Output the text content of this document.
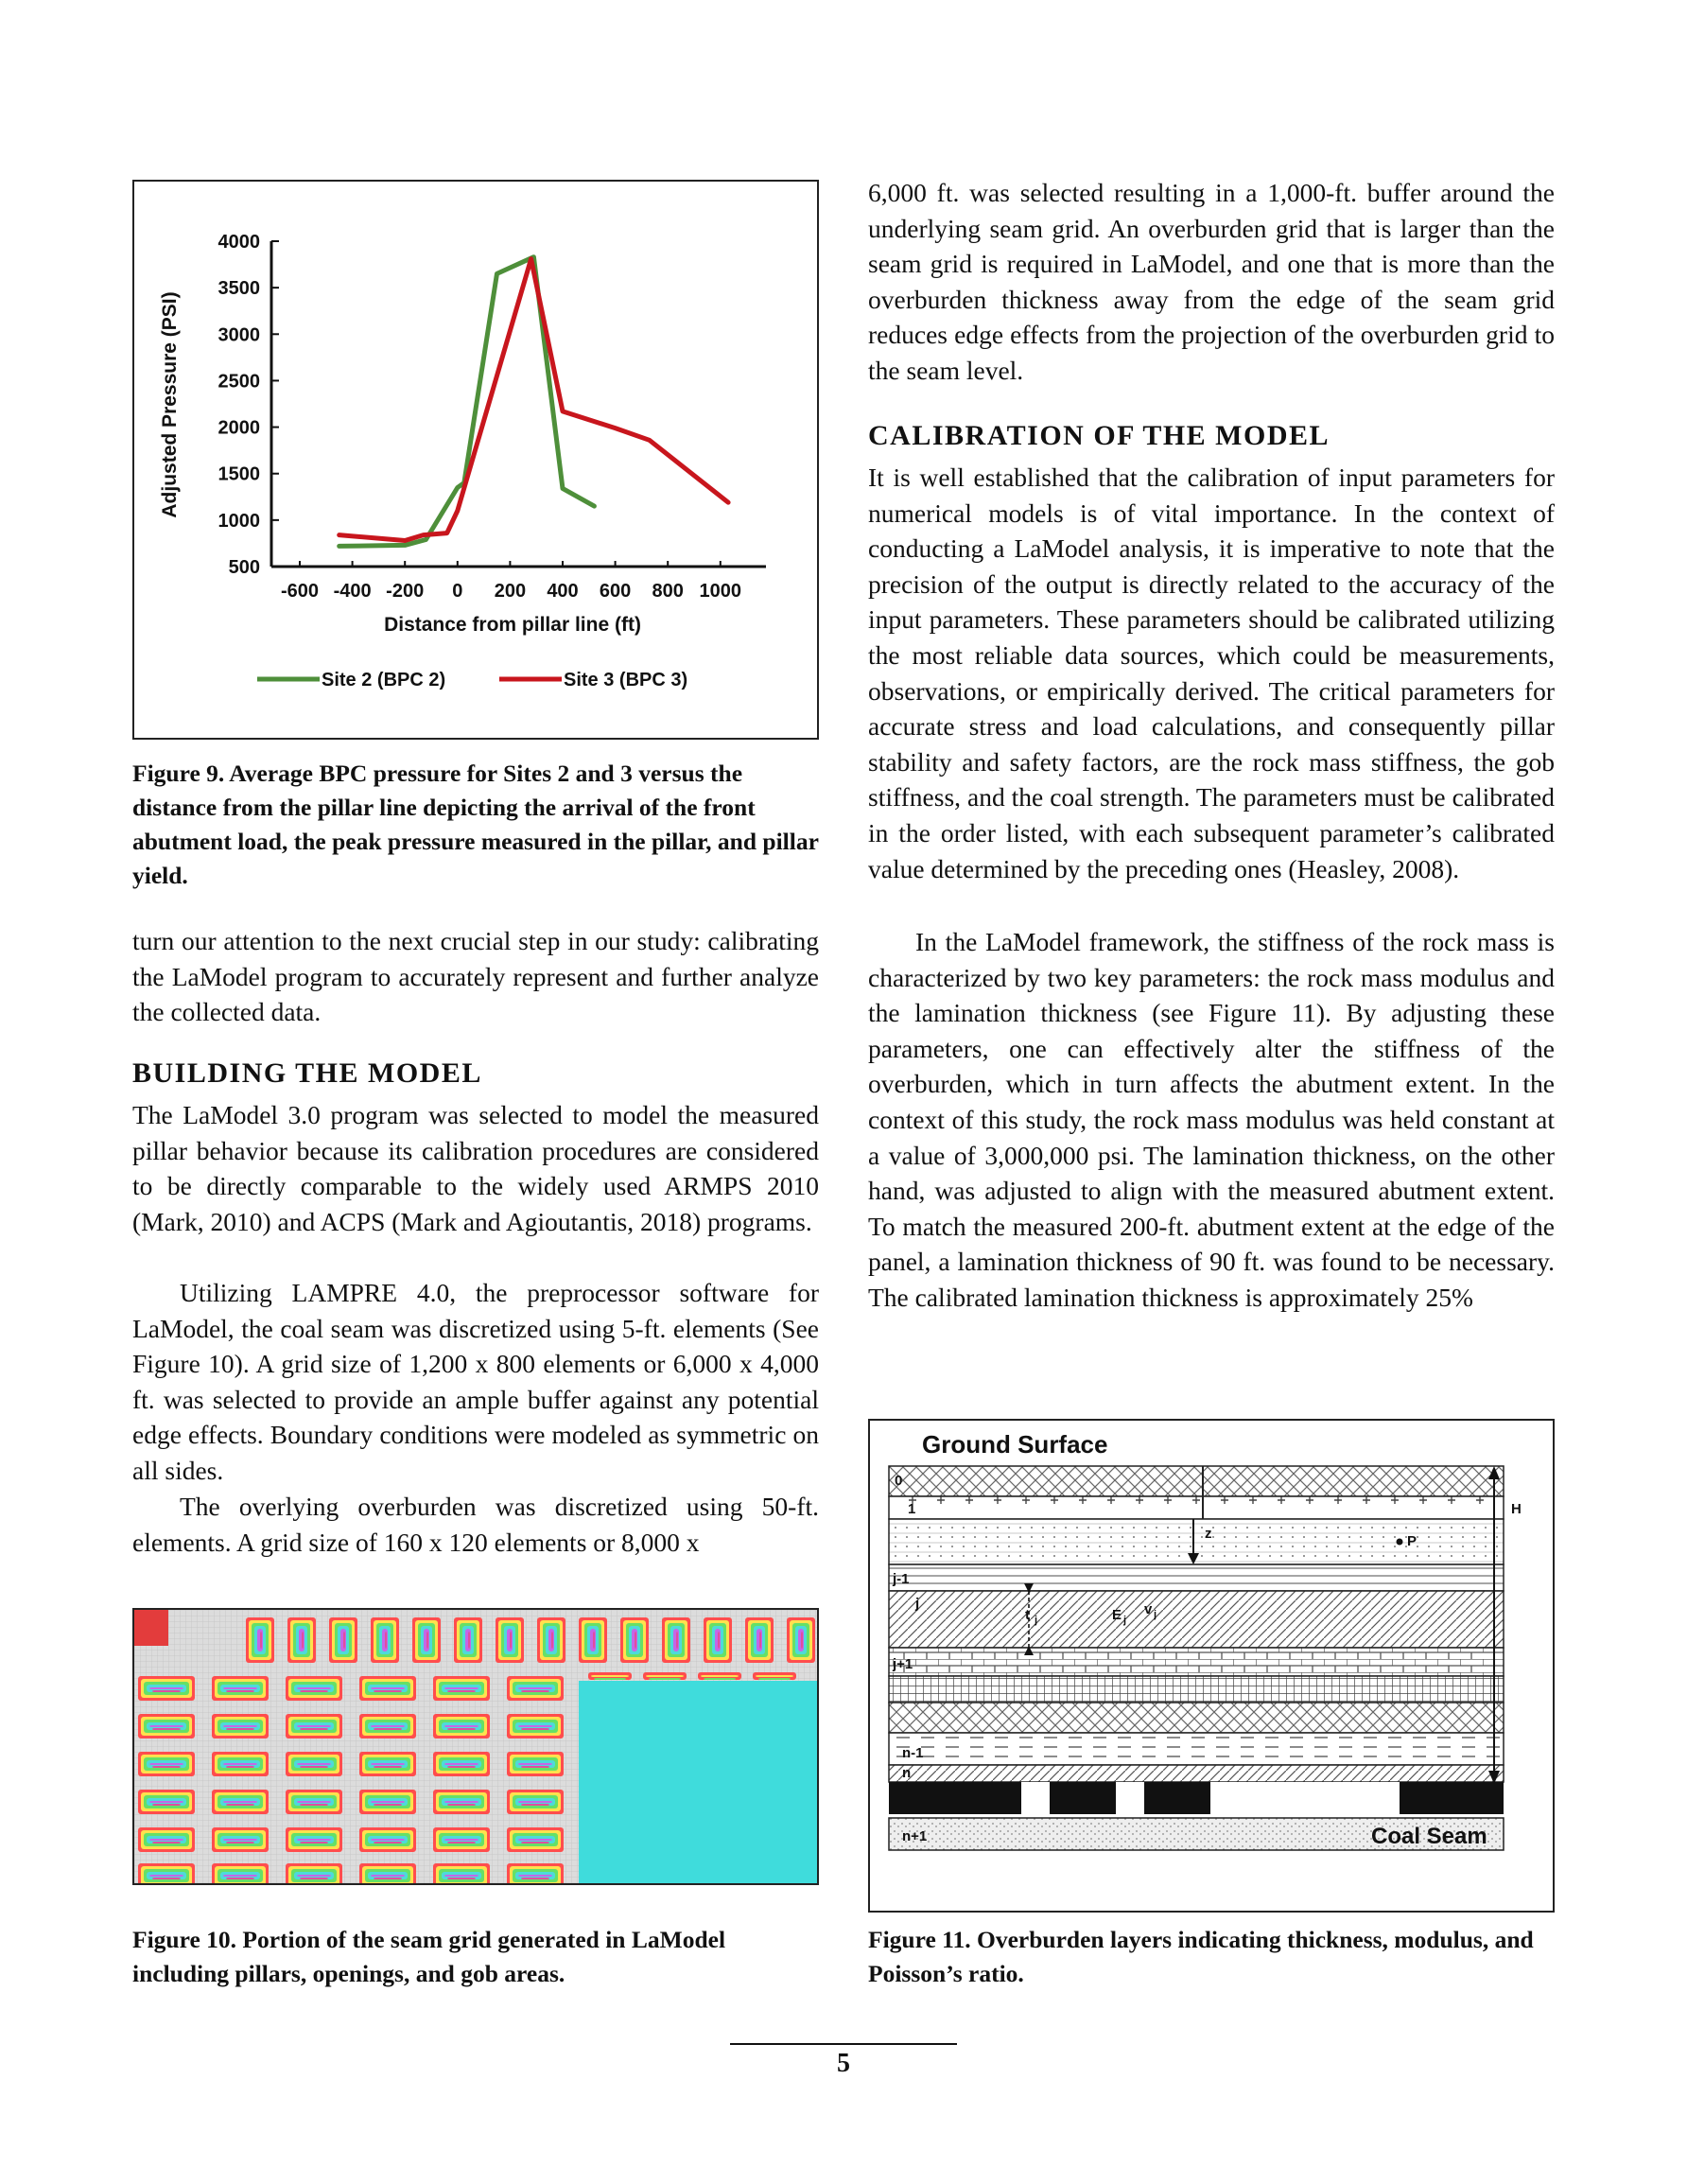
500
1000
1500
2000
2500
3000
3500
4000
-600 -400 -200 0 200 400 600 800 1000
Adjusted Pressure (PSI)
Distance from pillar line (ft)
Site 2 (BPC 2)	Site 3 (BPC 3)

Figure 9. Average BPC pressure for Sites 2 and 3 versus the distance from the pillar line depicting the arrival of the front abutment load, the peak pressure measured in the pillar, and pillar yield.

turn our attention to the next crucial step in our study: calibrating the LaModel program to accurately represent and further analyze the collected data.

BUILDING THE MODEL

The LaModel 3.0 program was selected to model the measured pillar behavior because its calibration procedures are considered to be directly comparable to the widely used ARMPS 2010 (Mark, 2010) and ACPS (Mark and Agioutantis, 2018) programs.

Utilizing LAMPRE 4.0, the preprocessor software for LaModel, the coal seam was discretized using 5-ft. elements (See Figure 10). A grid size of 1,200 x 800 elements or 6,000 x 4,000 ft. was selected to provide an ample buffer against any potential edge effects. Boundary conditions were modeled as symmetric on all sides.

The overlying overburden was discretized using 50-ft. elements. A grid size of 160 x 120 elements or 8,000 x

Figure 10. Portion of the seam grid generated in LaModel including pillars, openings, and gob areas.

6,000 ft. was selected resulting in a 1,000-ft. buffer around the underlying seam grid. An overburden grid that is larger than the seam grid is required in LaModel, and one that is more than the overburden thickness away from the edge of the seam grid reduces edge effects from the projection of the overburden grid to the seam level.

CALIBRATION OF THE MODEL

It is well established that the calibration of input parameters for numerical models is of vital importance. In the context of conducting a LaModel analysis, it is imperative to note that the precision of the output is directly related to the accuracy of the input parameters. These parameters should be calibrated utilizing the most reliable data sources, which could be measurements, observations, or empirically derived. The critical parameters for accurate stress and load calculations, and consequently pillar stability and safety factors, are the rock mass stiffness, the gob stiffness, and the coal strength. The parameters must be calibrated in the order listed, with each subsequent parameter’s calibrated value determined by the preceding ones (Heasley, 2008).

In the LaModel framework, the stiffness of the rock mass is characterized by two key parameters: the rock mass modulus and the lamination thickness (see Figure 11). By adjusting these parameters, one can effectively alter the stiffness of the overburden, which in turn affects the abutment extent. In the context of this study, the rock mass modulus was held constant at a value of 3,000,000 psi. The lamination thickness, on the other hand, was adjusted to align with the measured abutment extent. To match the measured 200-ft. abutment extent at the edge of the panel, a lamination thickness of 90 ft. was found to be necessary. The calibrated lamination thickness is approximately 25%

Ground Surface
0
1
j-1
j
j+1
n-1
n
n+1
H
z	P
t j	E j
v j
Coal Seam

Figure 11. Overburden layers indicating thickness, modulus, and Poisson’s ratio.

5
